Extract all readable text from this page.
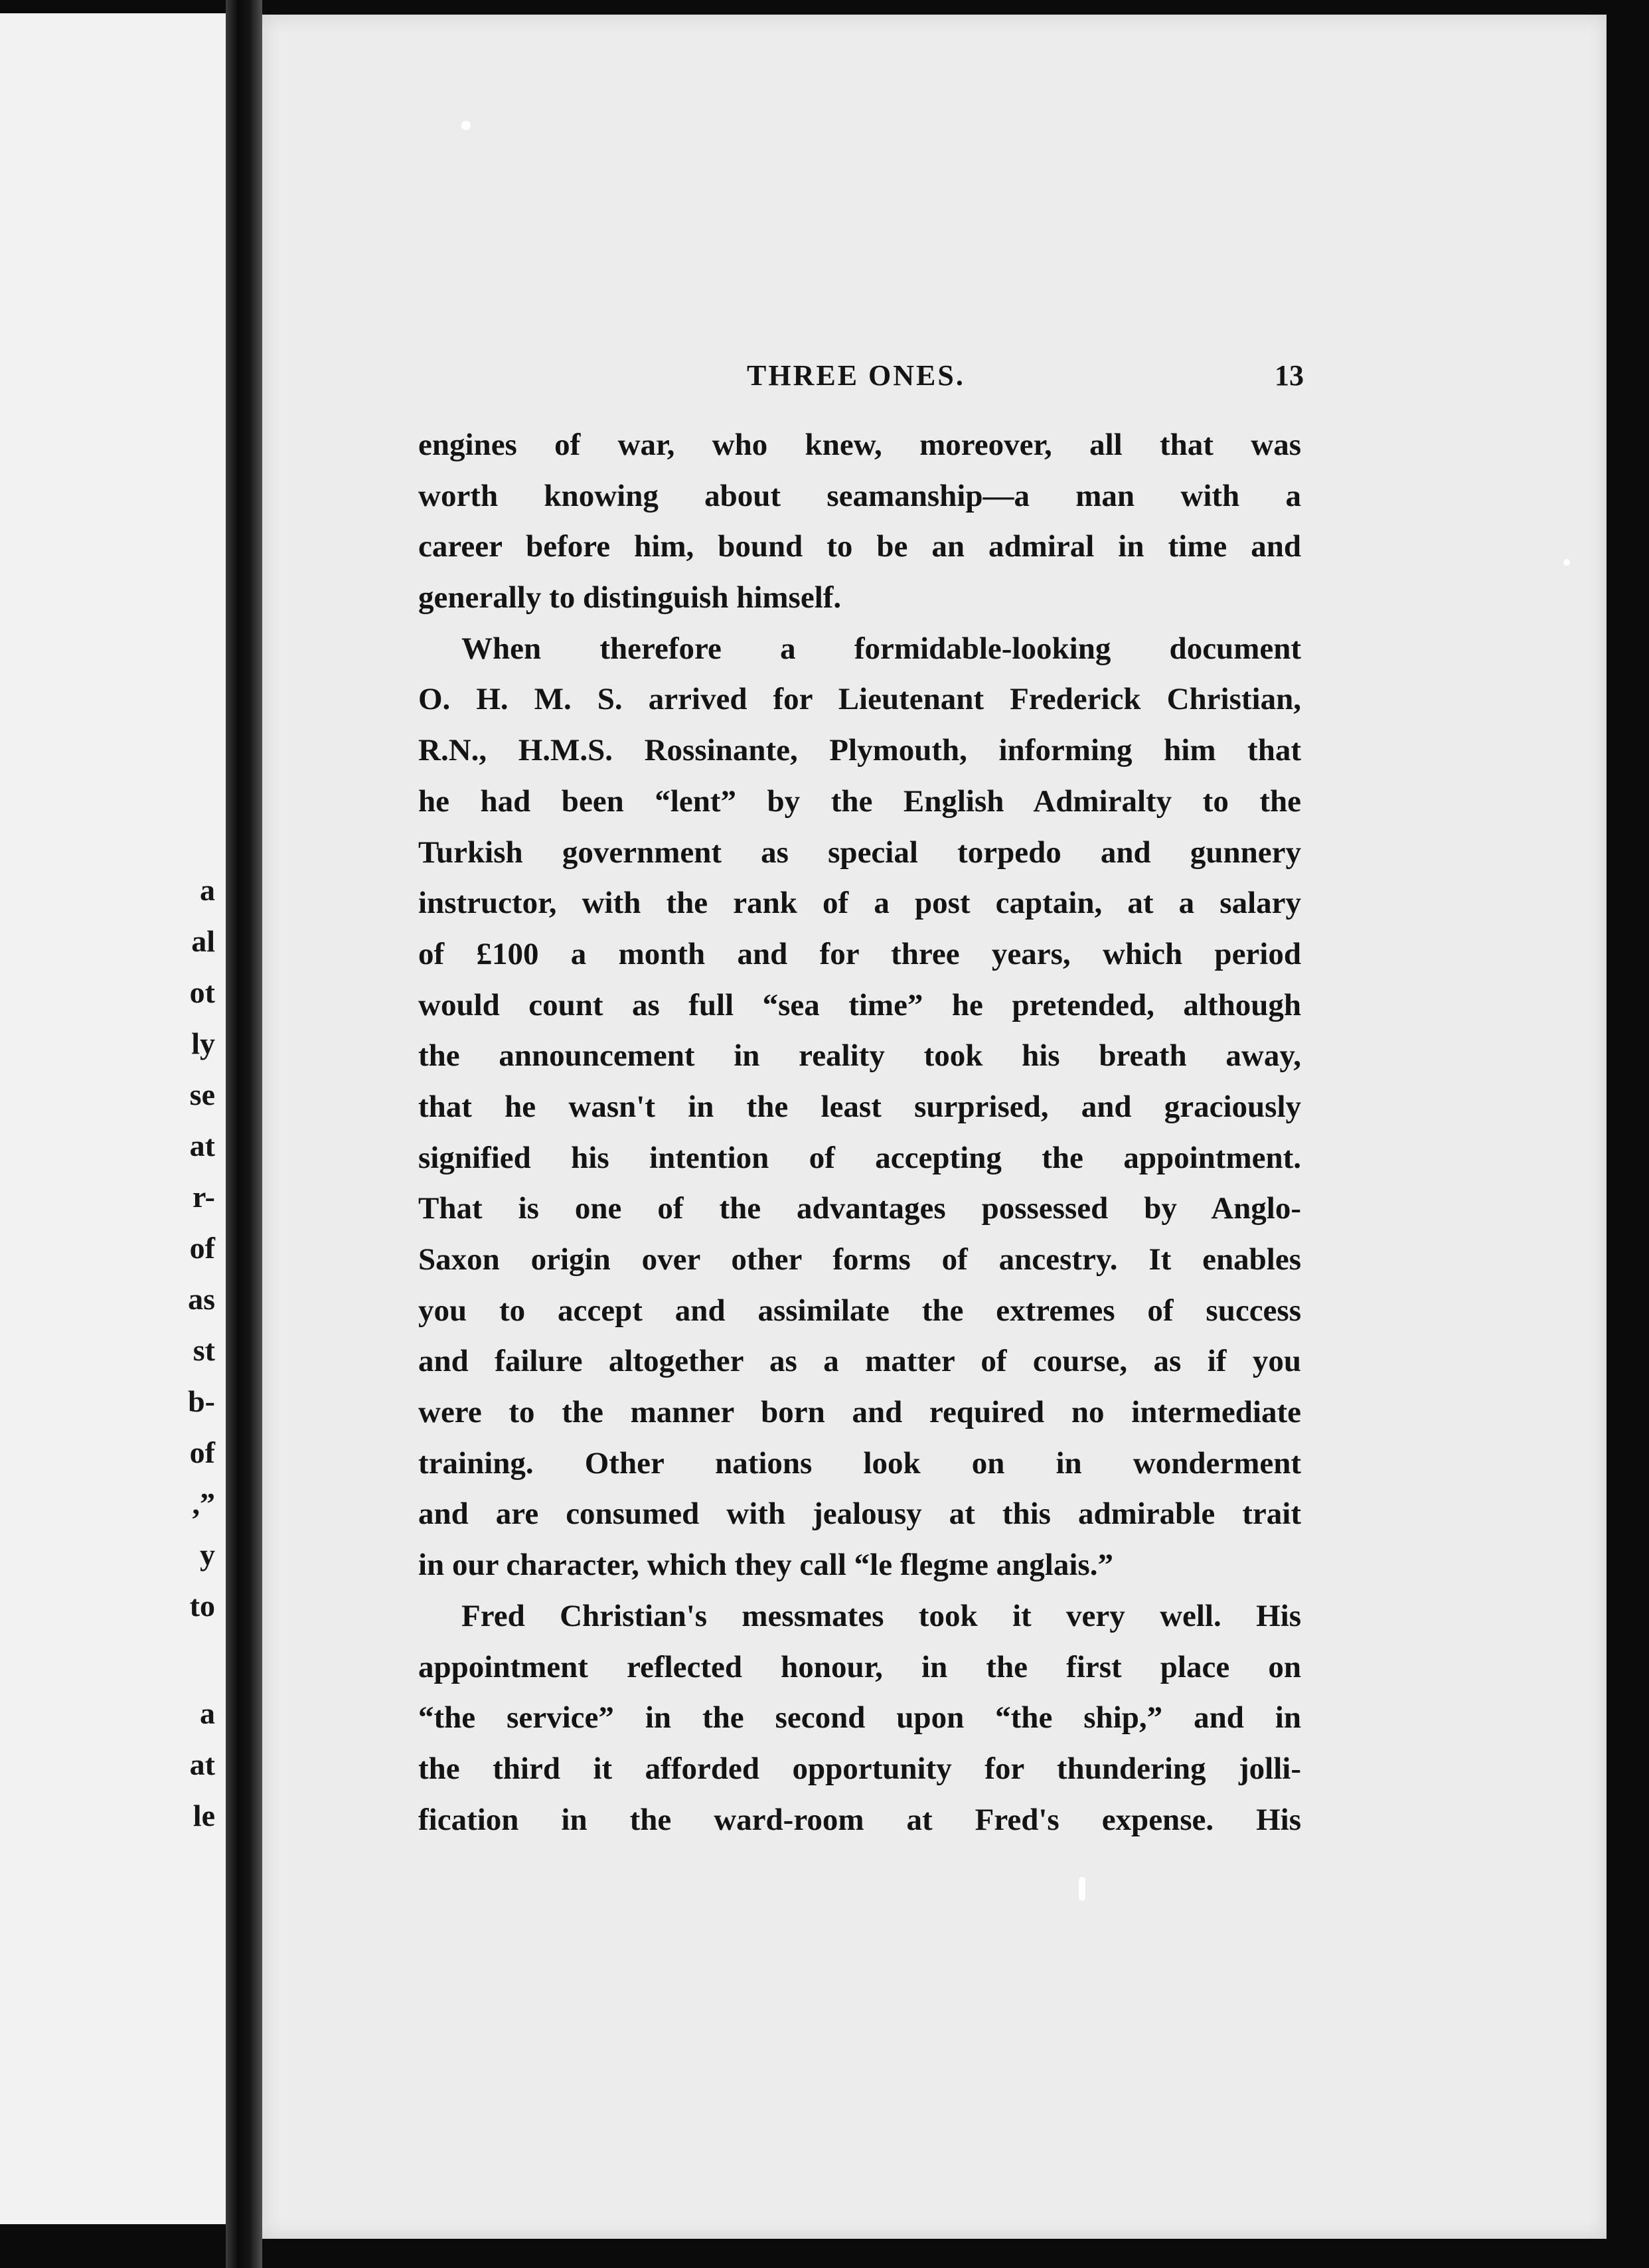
a
al
ot
ly
se
at
r-
of
as
st
b-
of
,”
y
to
a
at
le
THREE ONES.	13
engines of war, who knew, moreover, all that was
worth knowing about seamanship—a man with a
career before him, bound to be an admiral in time and
generally to distinguish himself.
When therefore a formidable-looking document
O. H. M. S. arrived for Lieutenant Frederick Christian,
R.N., H.M.S. Rossinante, Plymouth, informing him that
he had been “lent” by the English Admiralty to the
Turkish government as special torpedo and gunnery
instructor, with the rank of a post captain, at a salary
of £100 a month and for three years, which period
would count as full “sea time” he pretended, although
the announcement in reality took his breath away,
that he wasn't in the least surprised, and graciously
signified his intention of accepting the appointment.
That is one of the advantages possessed by Anglo-
Saxon origin over other forms of ancestry. It enables
you to accept and assimilate the extremes of success
and failure altogether as a matter of course, as if you
were to the manner born and required no intermediate
training. Other nations look on in wonderment
and are consumed with jealousy at this admirable trait
in our character, which they call “le flegme anglais.”
Fred Christian's messmates took it very well. His
appointment reflected honour, in the first place on
“the service” in the second upon “the ship,” and in
the third it afforded opportunity for thundering jolli-
fication in the ward-room at Fred's expense. His
